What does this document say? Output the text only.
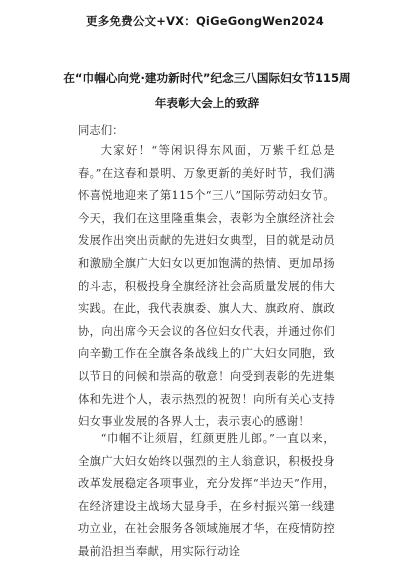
更多免费公文+VX：QiGeGongWen2024
在“巾帼心向党·建功新时代”纪念三八国际妇女节115周年表彰大会上的致辞
同志们：
大家好！“等闲识得东风面，万紫千红总是春。”在这春和景明、万象更新的美好时节，我们满怀喜悦地迎来了第115个“三八”国际劳动妇女节。今天，我们在这里隆重集会，表彰为全旗经济社会发展作出突出贡献的先进妇女典型，目的就是动员和激励全旗广大妇女以更加饱满的热情、更加昂扬的斗志，积极投身全旗经济社会高质量发展的伟大实践。在此，我代表旗委、旗人大、旗政府、旗政协，向出席今天会议的各位妇女代表，并通过你们向辛勤工作在全旗各条战线上的广大妇女同胞，致以节日的问候和崇高的敬意！向受到表彰的先进集体和先进个人，表示热烈的祝贺！向所有关心支持妇女事业发展的各界人士，表示衷心的感谢！
“巾帼不让须眉，红颜更胜儿郎。”一直以来，全旗广大妇女始终以强烈的主人翁意识，积极投身改革发展稳定各项事业，充分发挥“半边天”作用，在经济建设主战场大显身手，在乡村振兴第一线建功立业，在社会服务各领域施展才华，在疫情防控最前沿担当奉献，用实际行动诠
